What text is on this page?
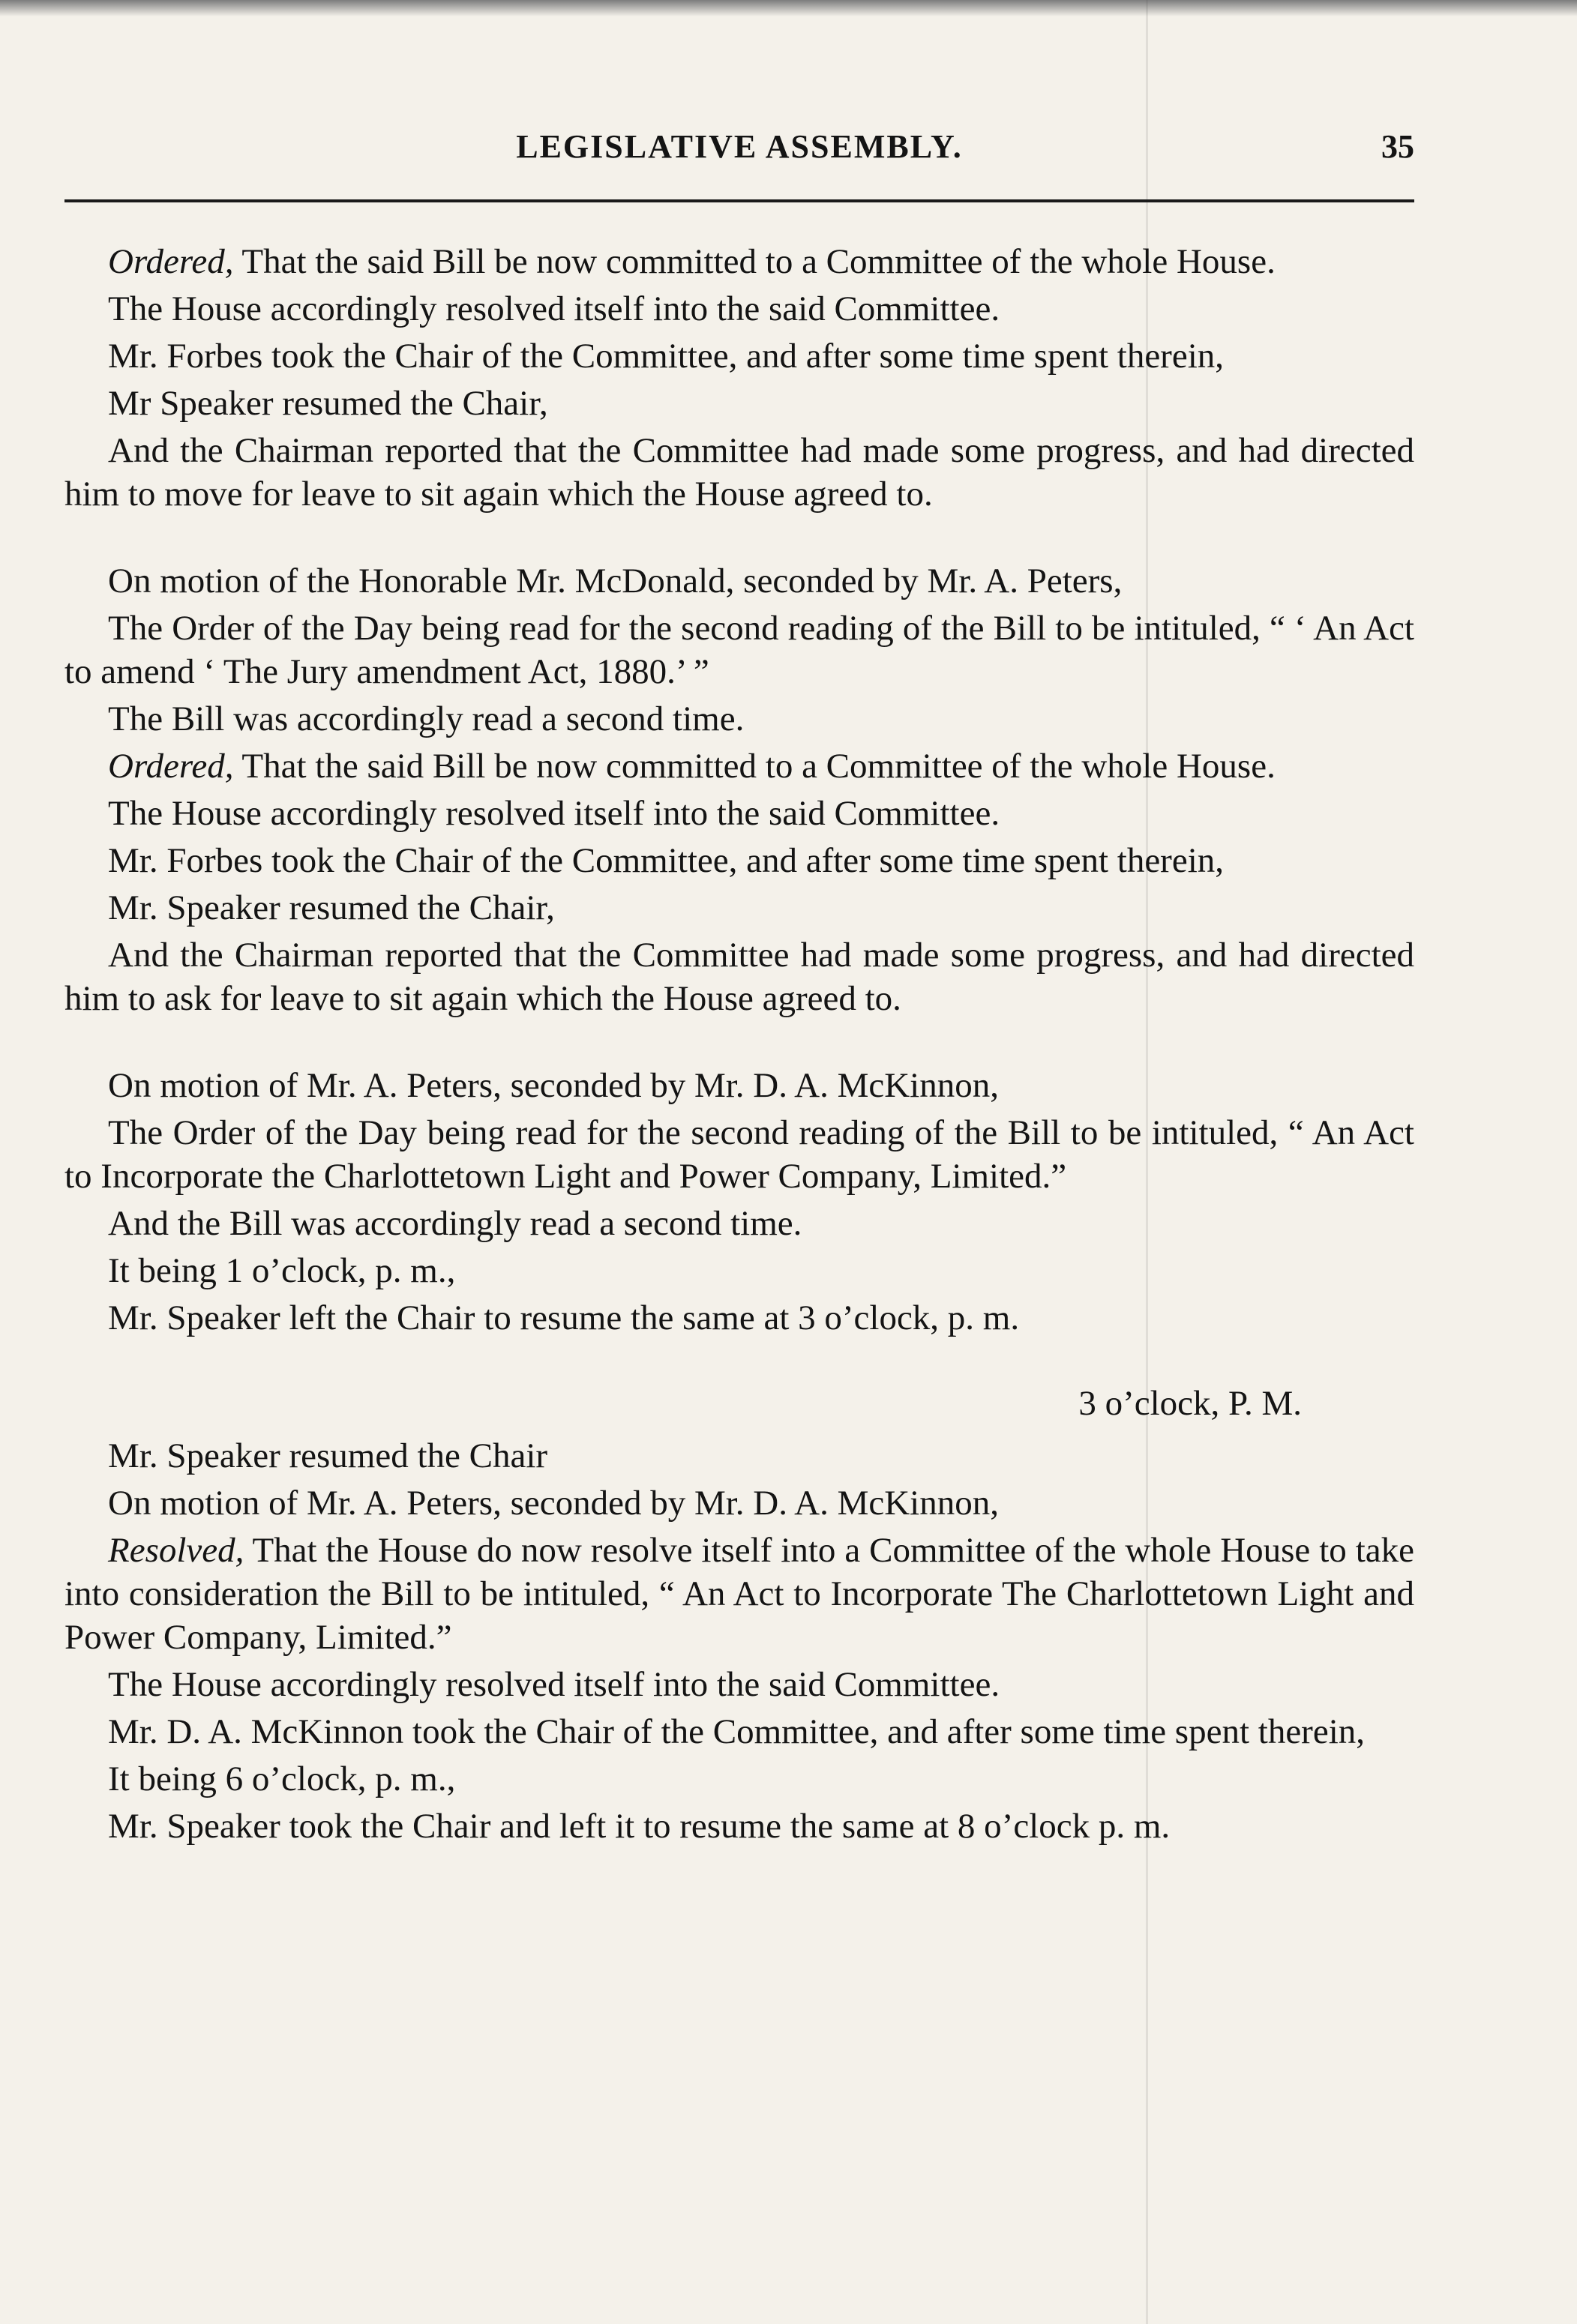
LEGISLATIVE ASSEMBLY.	35

Ordered, That the said Bill be now committed to a Committee of the whole House.

The House accordingly resolved itself into the said Committee.

Mr. Forbes took the Chair of the Committee, and after some time spent therein,

Mr Speaker resumed the Chair,

And the Chairman reported that the Committee had made some progress, and had directed him to move for leave to sit again which the House agreed to.

On motion of the Honorable Mr. McDonald, seconded by Mr. A. Peters,

The Order of the Day being read for the second reading of the Bill to be intituled, “ ‘ An Act to amend ‘ The Jury amendment Act, 1880.’ ”

The Bill was accordingly read a second time.

Ordered, That the said Bill be now committed to a Committee of the whole House.

The House accordingly resolved itself into the said Committee.

Mr. Forbes took the Chair of the Committee, and after some time spent therein,

Mr. Speaker resumed the Chair,

And the Chairman reported that the Committee had made some progress, and had directed him to ask for leave to sit again which the House agreed to.

On motion of Mr. A. Peters, seconded by Mr. D. A. McKinnon,

The Order of the Day being read for the second reading of the Bill to be intituled, “ An Act to Incorporate the Charlottetown Light and Power Company, Limited.”

And the Bill was accordingly read a second time.

It being 1 o’clock, p. m.,

Mr. Speaker left the Chair to resume the same at 3 o’clock, p. m.

3 o’clock, P. M.

Mr. Speaker resumed the Chair

On motion of Mr. A. Peters, seconded by Mr. D. A. McKinnon,

Resolved, That the House do now resolve itself into a Committee of the whole House to take into consideration the Bill to be intituled, “ An Act to Incorporate The Charlottetown Light and Power Company, Limited.”

The House accordingly resolved itself into the said Committee.

Mr. D. A. McKinnon took the Chair of the Committee, and after some time spent therein,

It being 6 o’clock, p. m.,

Mr. Speaker took the Chair and left it to resume the same at 8 o’clock p. m.
